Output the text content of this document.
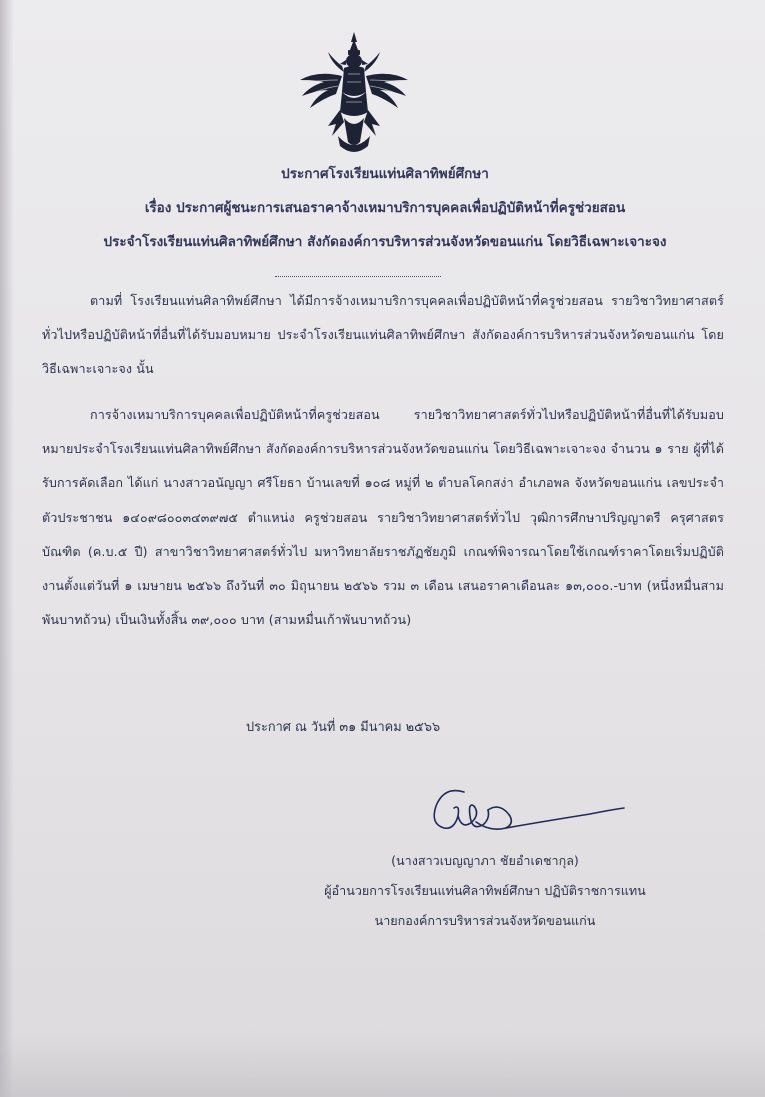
ประกาศโรงเรียนแท่นศิลาทิพย์ศึกษา
เรื่อง ประกาศผู้ชนะการเสนอราคาจ้างเหมาบริการบุคคลเพื่อปฏิบัติหน้าที่ครูช่วยสอน
ประจำโรงเรียนแท่นศิลาทิพย์ศึกษา สังกัดองค์การบริหารส่วนจังหวัดขอนแก่น โดยวิธีเฉพาะเจาะจง
ตามที่ โรงเรียนแท่นศิลาทิพย์ศึกษา ได้มีการจ้างเหมาบริการบุคคลเพื่อปฏิบัติหน้าที่ครูช่วยสอน รายวิชาวิทยาศาสตร์ทั่วไปหรือปฏิบัติหน้าที่อื่นที่ได้รับมอบหมาย ประจำโรงเรียนแท่นศิลาทิพย์ศึกษา สังกัดองค์การบริหารส่วนจังหวัดขอนแก่น โดยวิธีเฉพาะเจาะจง นั้น
การจ้างเหมาบริการบุคคลเพื่อปฏิบัติหน้าที่ครูช่วยสอน รายวิชาวิทยาศาสตร์ทั่วไปหรือปฏิบัติหน้าที่อื่นที่ได้รับมอบหมายประจำโรงเรียนแท่นศิลาทิพย์ศึกษา สังกัดองค์การบริหารส่วนจังหวัดขอนแก่น โดยวิธีเฉพาะเจาะจง จำนวน ๑ ราย ผู้ที่ได้รับการคัดเลือก ได้แก่ นางสาวอนัญญา ศรีโยธา บ้านเลขที่ ๑๐๘ หมู่ที่ ๒ ตำบลโคกสง่า อำเภอพล จังหวัดขอนแก่น เลขประจำตัวประชาชน ๑๔๐๙๘๐๐๓๔๓๙๗๕ ตำแหน่ง ครูช่วยสอน รายวิชาวิทยาศาสตร์ทั่วไป วุฒิการศึกษาปริญญาตรี ครุศาสตรบัณฑิต (ค.บ.๕ ปี) สาขาวิชาวิทยาศาสตร์ทั่วไป มหาวิทยาลัยราชภัฏชัยภูมิ เกณฑ์พิจารณาโดยใช้เกณฑ์ราคาโดยเริ่มปฏิบัติงานตั้งแต่วันที่ ๑ เมษายน ๒๕๖๖ ถึงวันที่ ๓๐ มิถุนายน ๒๕๖๖ รวม ๓ เดือน เสนอราคาเดือนละ ๑๓,๐๐๐.-บาท (หนึ่งหมื่นสามพันบาทถ้วน) เป็นเงินทั้งสิ้น ๓๙,๐๐๐ บาท (สามหมื่นเก้าพันบาทถ้วน)
ประกาศ ณ วันที่ ๓๑ มีนาคม ๒๕๖๖
(นางสาวเบญญาภา ชัยอำเดชากุล)
ผู้อำนวยการโรงเรียนแท่นศิลาทิพย์ศึกษา ปฏิบัติราชการแทน
นายกองค์การบริหารส่วนจังหวัดขอนแก่น
